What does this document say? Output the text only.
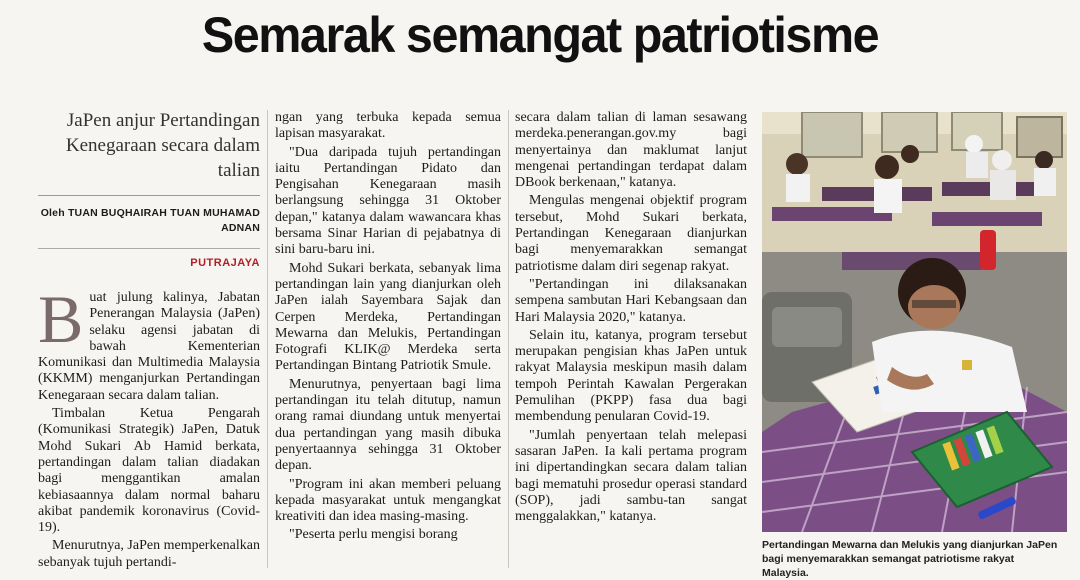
Semarak semangat patriotisme
JaPen anjur Pertandingan Kenegaraan secara dalam talian
Oleh TUAN BUQHAIRAH TUAN MUHAMAD ADNAN
PUTRAJAYA
B uat julung kalinya, Jabatan Penerangan Malaysia (JaPen) selaku agensi jabatan di bawah Kementerian Komunikasi dan Multimedia Malaysia (KKMM) menganjurkan Pertandingan Kenegaraan secara dalam talian.

Timbalan Ketua Pengarah (Komunikasi Strategik) JaPen, Datuk Mohd Sukari Ab Hamid berkata, pertandingan dalam talian diadakan bagi menggantikan amalan kebiasaannya dalam normal baharu akibat pandemik koronavirus (Covid-19).

Menurutnya, JaPen memperkenalkan sebanyak tujuh pertandi-

ngan yang terbuka kepada semua lapisan masyarakat.

"Dua daripada tujuh pertandingan iaitu Pertandingan Pidato dan Pengisahan Kenegaraan masih berlangsung sehingga 31 Oktober depan," katanya dalam wawancara khas bersama Sinar Harian di pejabatnya di sini baru-baru ini.

Mohd Sukari berkata, sebanyak lima pertandingan lain yang dianjurkan oleh JaPen ialah Sayembara Sajak dan Cerpen Merdeka, Pertandingan Mewarna dan Melukis, Pertandingan Fotografi KLIK@ Merdeka serta Pertandingan Bintang Patriotik Smule.

Menurutnya, penyertaan bagi lima pertandingan itu telah ditutup, namun orang ramai diundang untuk menyertai dua pertandingan yang masih dibuka penyertaannya sehingga 31 Oktober depan.

"Program ini akan memberi peluang kepada masyarakat untuk mengangkat kreativiti dan idea masing-masing.

"Peserta perlu mengisi borang

secara dalam talian di laman sesawang merdeka.penerangan.gov.my bagi menyertainya dan maklumat lanjut mengenai pertandingan terdapat dalam DBook berkenaan," katanya.

Mengulas mengenai objektif program tersebut, Mohd Sukari berkata, Pertandingan Kenegaraan dianjurkan bagi menyemarakkan semangat patriotisme dalam diri segenap rakyat.

"Pertandingan ini dilaksanakan sempena sambutan Hari Kebangsaan dan Hari Malaysia 2020," katanya.

Selain itu, katanya, program tersebut merupakan pengisian khas JaPen untuk rakyat Malaysia meskipun masih dalam tempoh Perintah Kawalan Pergerakan Pemulihan (PKPP) fasa dua bagi membendung penularan Covid-19.

"Jumlah penyertaan telah melepasi sasaran JaPen. Ia kali pertama program ini dipertandingkan secara dalam talian bagi mematuhi prosedur operasi standard (SOP), jadi sambu-tan sangat menggalakkan," katanya.

Pertandingan Mewarna dan Melukis yang dianjurkan JaPen bagi menyemarakkan semangat patriotisme rakyat Malaysia.
